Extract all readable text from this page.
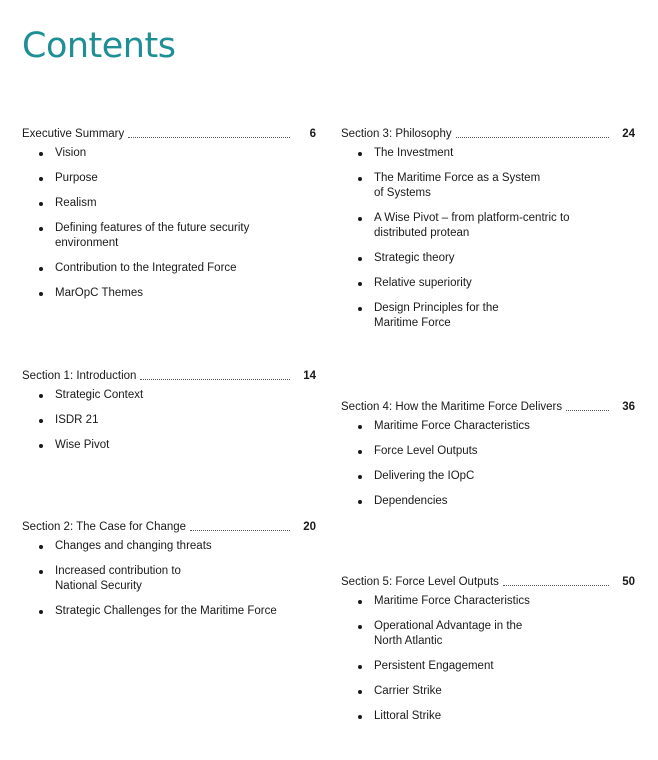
Contents
Executive Summary	6
Vision
Purpose
Realism
Defining features of the future security
environment
Contribution to the Integrated Force
MarOpC Themes
Section 1: Introduction	14
Strategic Context
ISDR 21
Wise Pivot
Section 2: The Case for Change	20
Changes and changing threats
Increased contribution to
National Security
Strategic Challenges for the Maritime Force
Section 3: Philosophy	24
The Investment
The Maritime Force as a System
of Systems
A Wise Pivot – from platform-centric to
distributed protean
Strategic theory
Relative superiority
Design Principles for the
Maritime Force
Section 4: How the Maritime Force Delivers	36
Maritime Force Characteristics
Force Level Outputs
Delivering the IOpC
Dependencies
Section 5: Force Level Outputs	50
Maritime Force Characteristics
Operational Advantage in the
North Atlantic
Persistent Engagement
Carrier Strike
Littoral Strike
